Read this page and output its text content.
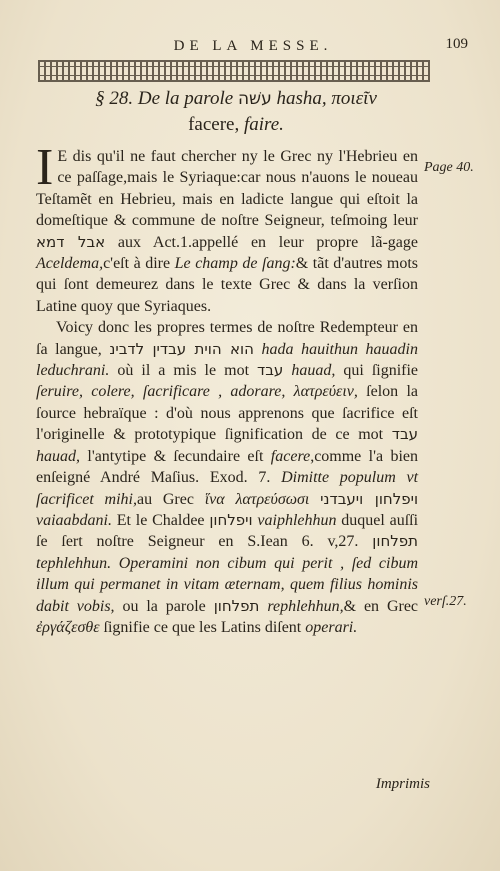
DE LA MESSE.	109
§ 28. De la parole עשׁה hasha, ποιεῖν
facere, faire.
Page 40.
verſ.27.

I E dis qu'il ne faut chercher ny le Grec ny l'Hebrieu en ce paſſage,mais le Syriaque:car nous n'auons le noueau Teſtamẽt en Hebrieu, mais en ladicte langue qui eſtoit la domeſtique & commune de noſtre Seigneur, teſmoing leur אבל דמא aux Act.1.appellé en leur propre lã-gage Aceldema,c'eſt à dire Le champ de ſang:& tãt d'autres mots qui ſont demeurez dans le texte Grec & dans la verſion Latine quoy que Syriaques.

Voicy donc les propres termes de noſtre Redempteur en ſa langue, הוא הוית עבדין לדבינ hada hauithun hauadin leduchrani. où il a mis le mot עבד hauad, qui ſignifie ſeruire, colere, ſacrificare , adorare, λατρεύειν, ſelon la ſource hebraïque : d'où nous apprenons que ſacrifice eſt l'originelle & prototypique ſignification de ce mot עבד hauad, l'antytipe & ſecundaire eſt facere,comme l'a bien enſeigné André Maſius. Exod. 7. Dimitte populum vt ſacrificet mihi,au Grec ἵνα λατρεύσωσι ויפלחון ויעבדני vaiaabdani. Et le Chaldee ויפלחון vaiphlehhun duquel auſſi ſe ſert noſtre Seigneur en S.Iean 6. v,27. תפלחון tephlehhun. Operamini non cibum qui perit , ſed cibum illum qui permanet in vitam æternam, quem filius hominis dabit vobis, ou la parole תפלחון rephlehhun,& en Grec ἐργάζεσθε ſignifie ce que les Latins diſent operari.

Imprimis
